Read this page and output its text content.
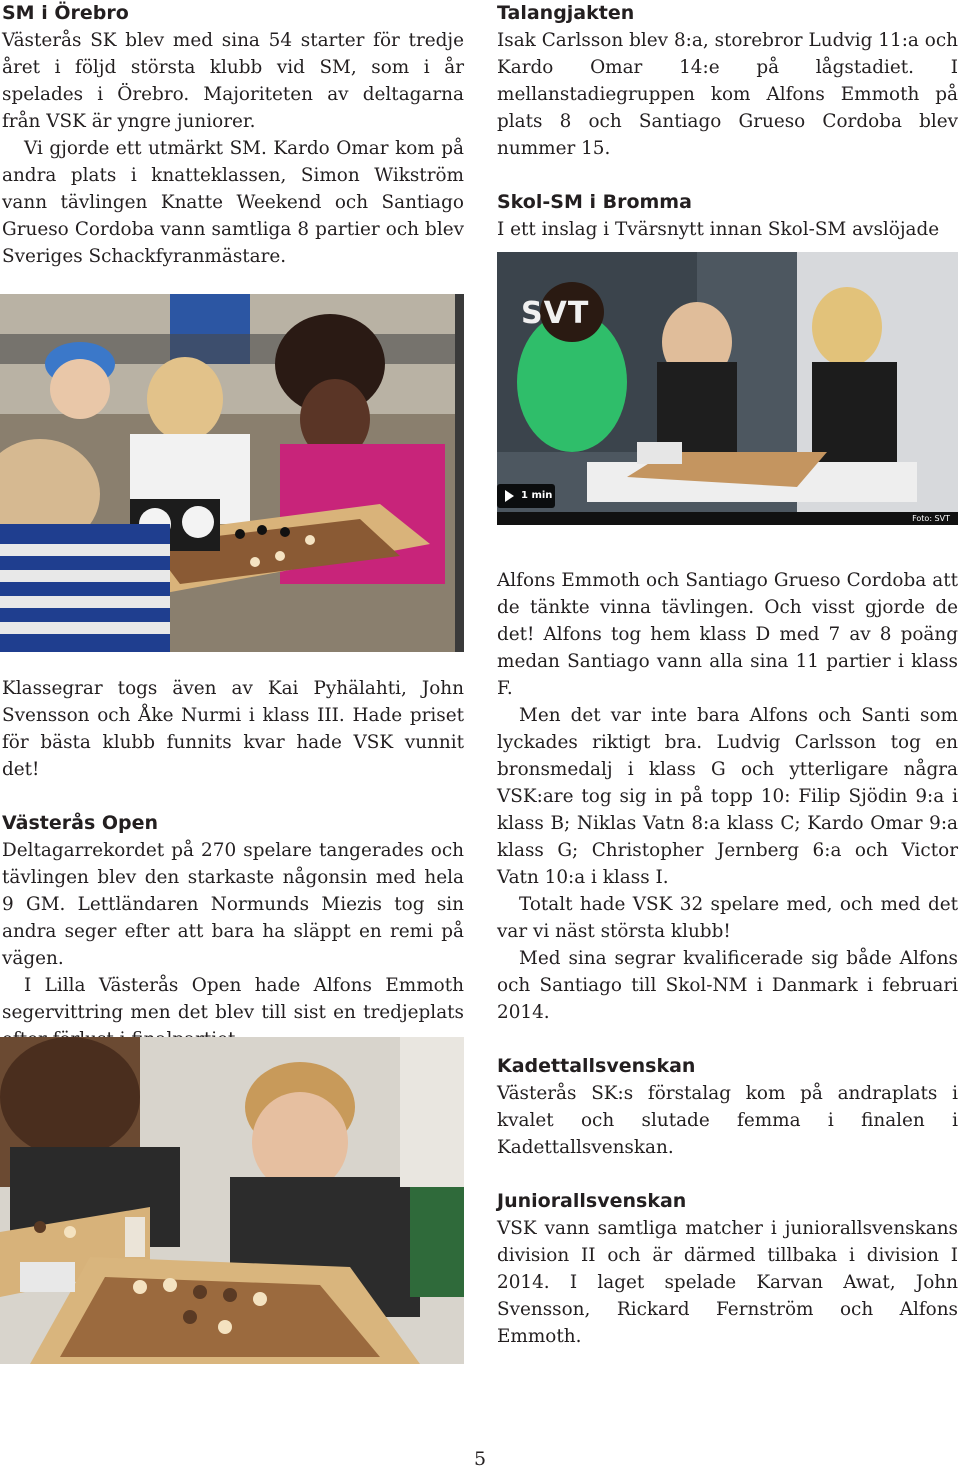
SM i Örebro

Västerås SK blev med sina 54 starter för tredje året i följd största klubb vid SM, som i år spelades i Örebro. Majoriteten av deltagarna från VSK är yngre juniorer.

Vi gjorde ett utmärkt SM. Kardo Omar kom på andra plats i knatteklassen, Simon Wikström vann tävlingen Knatte Weekend och Santiago Grueso Cordoba vann samtliga 8 partier och blev Sveriges Schackfyranmästare.

Klassegrar togs även av Kai Pyhälahti, John Svensson och Åke Nurmi i klass III. Hade priset för bästa klubb funnits kvar hade VSK vunnit det!

Västerås Open

Deltagarrekordet på 270 spelare tangerades och tävlingen blev den starkaste någonsin med hela 9 GM. Lettländaren Normunds Miezis tog sin andra seger efter att bara ha släppt en remi på vägen.

I Lilla Västerås Open hade Alfons Emmoth segervittring men det blev till sist en tredjeplats

Talangjakten

Isak Carlsson blev 8:a, storebror Ludvig 11:a och Kardo Omar 14:e på lågstadiet. I mellanstadiegruppen kom Alfons Emmoth på plats 8 och Santiago Grueso Cordoba blev nummer 15.

Skol-SM i Bromma

I ett inslag i Tvärsnytt innan Skol-SM avslöjade

SVT
1 min
Foto: SVT

Alfons Emmoth och Santiago Grueso Cordoba att de tänkte vinna tävlingen. Och visst gjorde de det! Alfons tog hem klass D med 7 av 8 poäng medan Santiago vann alla sina 11 partier i klass F.

Men det var inte bara Alfons och Santi som lyckades riktigt bra. Ludvig Carlsson tog en bronsmedalj i klass G och ytterligare några VSK:are tog sig in på topp 10: Filip Sjödin 9:a i klass B; Niklas Vatn 8:a klass C; Kardo Omar 9:a klass G; Christopher Jernberg 6:a och Victor Vatn 10:a i klass I.

Totalt hade VSK 32 spelare med, och med det var vi näst största klubb!

Med sina segrar kvalificerade sig både Alfons och Santiago till Skol-NM i Danmark i februari 2014.

Kadettallsvenskan

Västerås SK:s förstalag kom på andraplats i kvalet och slutade femma i finalen i Kadettallsvenskan.

Juniorallsvenskan

VSK vann samtliga matcher i juniorallsvenskans division II och är därmed tillbaka i division I 2014. I laget spelade Karvan Awat, John Svensson, Rickard Fernström och Alfons Emmoth.

5
